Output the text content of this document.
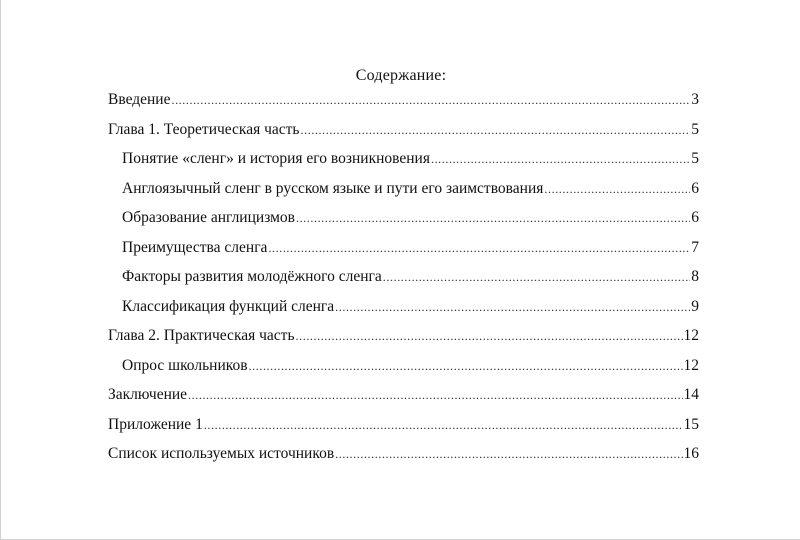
Содержание:
Введение .....	3
Глава 1. Теоретическая часть .....	5
Понятие «сленг» и история его возникновения .....	5
Англоязычный сленг в русском языке и пути его заимствования .....	6
Образование англицизмов .....	6
Преимущества сленга .....	7
Факторы развития молодёжного сленга .....	8
Классификация функций сленга .....	9
Глава 2. Практическая часть .....	12
Опрос школьников .....	12
Заключение .....	14
Приложение 1 .....	15
Список используемых источников .....	16
